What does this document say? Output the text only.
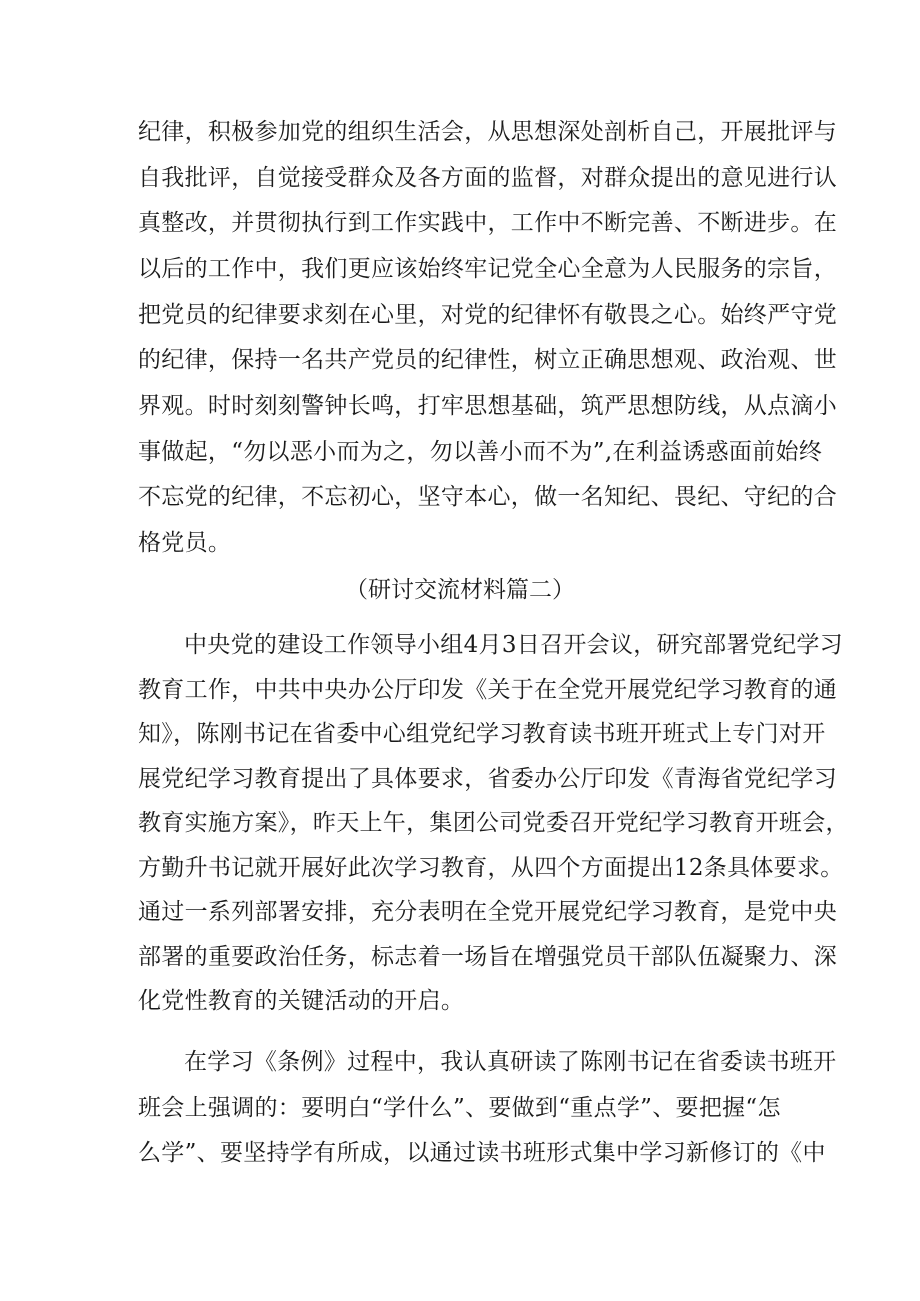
纪律，积极参加党的组织生活会，从思想深处剖析自己，开展批评与
自我批评，自觉接受群众及各方面的监督，对群众提出的意见进行认
真整改，并贯彻执行到工作实践中，工作中不断完善、不断进步。在
以后的工作中，我们更应该始终牢记党全心全意为人民服务的宗旨，
把党员的纪律要求刻在心里，对党的纪律怀有敬畏之心。始终严守党
的纪律，保持一名共产党员的纪律性，树立正确思想观、政治观、世
界观。时时刻刻警钟长鸣，打牢思想基础，筑严思想防线，从点滴小
事做起，“勿以恶小而为之，勿以善小而不为”,在利益诱惑面前始终
不忘党的纪律，不忘初心，坚守本心，做一名知纪、畏纪、守纪的合
格党员。
（研讨交流材料篇二）
中央党的建设工作领导小组4月3日召开会议，研究部署党纪学习
教育工作，中共中央办公厅印发《关于在全党开展党纪学习教育的通
知》，陈刚书记在省委中心组党纪学习教育读书班开班式上专门对开
展党纪学习教育提出了具体要求，省委办公厅印发《青海省党纪学习
教育实施方案》，昨天上午，集团公司党委召开党纪学习教育开班会，
方勤升书记就开展好此次学习教育，从四个方面提出12条具体要求。
通过一系列部署安排，充分表明在全党开展党纪学习教育，是党中央
部署的重要政治任务，标志着一场旨在增强党员干部队伍凝聚力、深
化党性教育的关键活动的开启。
在学习《条例》过程中，我认真研读了陈刚书记在省委读书班开
班会上强调的：要明白“学什么”、要做到“重点学”、要把握“怎
么学”、要坚持学有所成，以通过读书班形式集中学习新修订的《中
